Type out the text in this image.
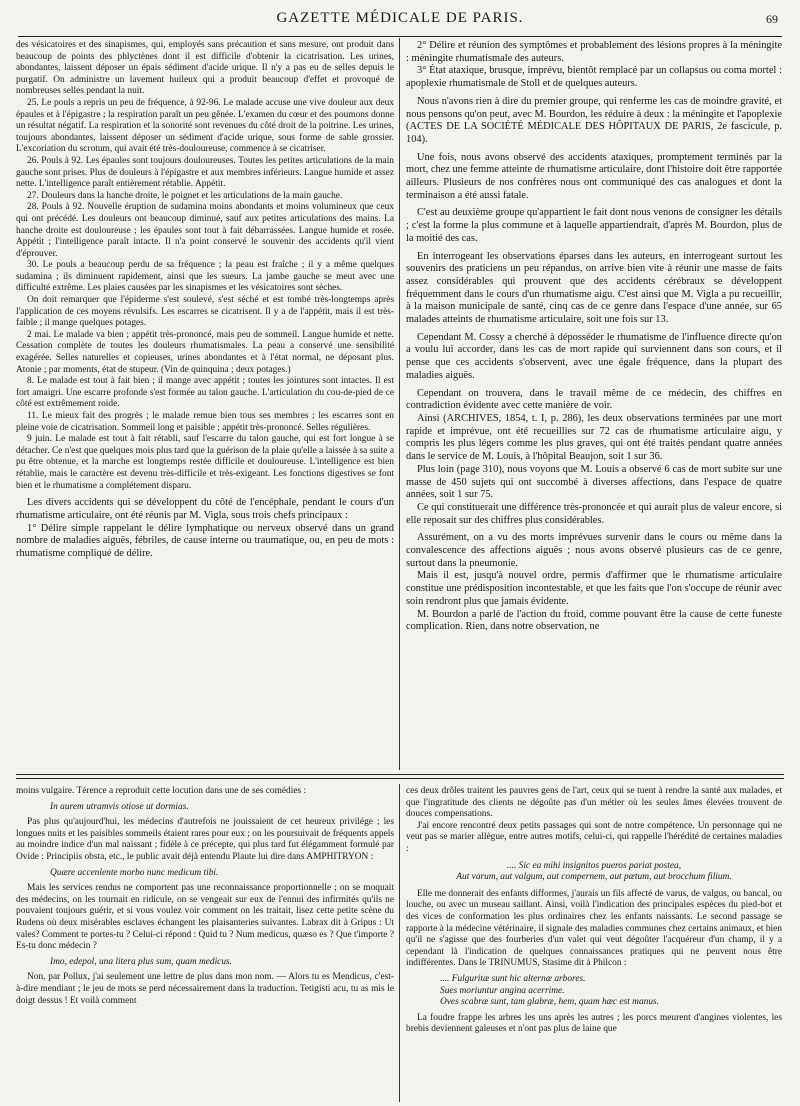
GAZETTE MÉDICALE DE PARIS.	69

des vésicatoires et des sinapismes, qui, employés sans précaution et sans mesure, ont produit dans beaucoup de points des phlyctènes dont il est difficile d'obtenir la cicatrisation. Les urines, abondantes, laissent déposer un épais sédiment d'acide urique. Il n'y a pas eu de selles depuis le purgatif. On administre un lavement huileux qui a produit beaucoup d'effet et provoqué de nombreuses selles pendant la nuit.

25. Le pouls a repris un peu de fréquence, à 92-96. Le malade accuse une vive douleur aux deux épaules et à l'épigastre ; la respiration paraît un peu gênée. L'examen du cœur et des poumons donne un résultat négatif. La respiration et la sonorité sont revenues du côté droit de la poitrine. Les urines, toujours abondantes, laissent déposer un sédiment d'acide urique, sous forme de sable grossier. L'excoriation du scrotum, qui avait été très-douloureuse, commence à se cicatriser.

26. Pouls à 92. Les épaules sont toujours douloureuses. Toutes les petites articulations de la main gauche sont prises. Plus de douleurs à l'épigastre et aux membres inférieurs. Langue humide et assez nette. L'intelligence paraît entièrement rétablie. Appétit.

27. Douleurs dans la hanche droite, le poignet et les articulations de la main gauche.

28. Pouls à 92. Nouvelle éruption de sudamina moins abondants et moins volumineux que ceux qui ont précédé. Les douleurs ont beaucoup diminué, sauf aux petites articulations des mains. La hanche droite est douloureuse ; les épaules sont tout à fait débarrassées. Langue humide et rosée. Appétit ; l'intelligence paraît intacte. Il n'a point conservé le souvenir des accidents qu'il vient d'éprouver.

30. Le pouls a beaucoup perdu de sa fréquence ; la peau est fraîche ; il y a même quelques sudamina ; ils diminuent rapidement, ainsi que les sueurs. La jambe gauche se meut avec une difficulté extrême. Les plaies causées par les sinapismes et les vésicatoires sont sèches.

On doit remarquer que l'épiderme s'est soulevé, s'est séché et est tombé très-longtemps après l'application de ces moyens révulsifs. Les escarres se cicatrisent. Il y a de l'appétit, mais il est très-faible ; il mange quelques potages.

2 mai. Le malade va bien ; appétit très-prononcé, mais peu de sommeil. Langue humide et nette. Cessation complète de toutes les douleurs rhumatismales. La peau a conservé une sensibilité exagérée. Selles naturelles et copieuses, urines abondantes et à l'état normal, ne déposant plus. Atonie ; par moments, état de stupeur. (Vin de quinquina ; deux potages.)

8. Le malade est tout à fait bien ; il mange avec appétit ; toutes les jointures sont intactes. Il est fort amaigri. Une escarre profonde s'est formée au talon gauche. L'articulation du cou-de-pied de ce côté est extrêmement roide.

11. Le mieux fait des progrès ; le malade remue bien tous ses membres ; les escarres sont en pleine voie de cicatrisation. Sommeil long et paisible ; appétit très-prononcé. Selles régulières.

9 juin. Le malade est tout à fait rétabli, sauf l'escarre du talon gauche, qui est fort longue à se détacher. Ce n'est que quelques mois plus tard que la guérison de la plaie qu'elle a laissée à sa suite a pu être obtenue, et la marche est longtemps restée difficile et douloureuse. L'intelligence est bien rétablie, mais le caractère est devenu très-difficile et très-exigeant. Les fonctions digestives se font bien et le rhumatisme a complétement disparu.

Les divers accidents qui se développent du côté de l'encéphale, pendant le cours d'un rhumatisme articulaire, ont été réunis par M. Vigla, sous trois chefs principaux :

1° Délire simple rappelant le délire lymphatique ou nerveux observé dans un grand nombre de maladies aiguës, fébriles, de cause interne ou traumatique, ou, en peu de mots : rhumatisme compliqué de délire.

2° Délire et réunion des symptômes et probablement des lésions propres à la méningite : méningite rhumatismale des auteurs.

3° État ataxique, brusque, imprévu, bientôt remplacé par un collapsus ou coma mortel : apoplexie rhumatismale de Stoll et de quelques auteurs.

Nous n'avons rien à dire du premier groupe, qui renferme les cas de moindre gravité, et nous pensons qu'on peut, avec M. Bourdon, les réduire à deux : la méningite et l'apoplexie (ACTES DE LA SOCIÉTÉ MÉDICALE DES HÔPITAUX DE PARIS, 2e fascicule, p. 104).

Une fois, nous avons observé des accidents ataxiques, promptement terminés par la mort, chez une femme atteinte de rhumatisme articulaire, dont l'histoire doit être rapportée ailleurs. Plusieurs de nos confrères nous ont communiqué des cas analogues et dont la terminaison a été aussi fatale.

C'est au deuxième groupe qu'appartient le fait dont nous venons de consigner les détails ; c'est la forme la plus commune et à laquelle appartiendrait, d'après M. Bourdon, plus de la moitié des cas.

En interrogeant les observations éparses dans les auteurs, en interrogeant surtout les souvenirs des praticiens un peu répandus, on arrive bien vite à réunir une masse de faits assez considérables qui prouvent que des accidents cérébraux se développent fréquemment dans le cours d'un rhumatisme aigu. C'est ainsi que M. Vigla a pu recueillir, à la maison municipale de santé, cinq cas de ce genre dans l'espace d'une année, sur 65 malades atteints de rhumatisme articulaire, soit une fois sur 13.

Cependant M. Cossy a cherché à déposséder le rhumatisme de l'influence directe qu'on a voulu lui accorder, dans les cas de mort rapide qui surviennent dans son cours, et il pense que ces accidents s'observent, avec une égale fréquence, dans la plupart des maladies aiguës.

Cependant on trouvera, dans le travail même de ce médecin, des chiffres en contradiction évidente avec cette manière de voir.

Ainsi (ARCHIVES, 1854, t. I, p. 286), les deux observations terminées par une mort rapide et imprévue, ont été recueillies sur 72 cas de rhumatisme articulaire aigu, y compris les plus légers comme les plus graves, qui ont été traités pendant quatre années dans le service de M. Louis, à l'hôpital Beaujon, soit 1 sur 36.

Plus loin (page 310), nous voyons que M. Louis a observé 6 cas de mort subite sur une masse de 450 sujets qui ont succombé à diverses affections, dans l'espace de quatre années, soit 1 sur 75.

Ce qui constituerait une différence très-prononcée et qui aurait plus de valeur encore, si elle reposait sur des chiffres plus considérables.

Assurément, on a vu des morts imprévues survenir dans le cours ou même dans la convalescence des affections aiguës ; nous avons observé plusieurs cas de ce genre, surtout dans la pneumonie.

Mais il est, jusqu'à nouvel ordre, permis d'affirmer que le rhumatisme articulaire constitue une prédisposition incontestable, et que les faits que l'on s'occupe de réunir avec soin rendront plus que jamais évidente.

M. Bourdon a parlé de l'action du froid, comme pouvant être la cause de cette funeste complication. Rien, dans notre observation, ne

moins vulgaire. Térence a reproduit cette locution dans une de ses comédies :

In aurem utramvis otiose ut dormias.

Pas plus qu'aujourd'hui, les médecins d'autrefois ne jouissaient de cet heureux privilége ; les longues nuits et les paisibles sommeils étaient rares pour eux ; on les poursuivait de fréquents appels au moindre indice d'un mal naissant ; fidèle à ce précepte, qui plus tard fut élégamment formulé par Ovide : Principiis obsta, etc., le public avait déjà entendu Plaute lui dire dans AMPHITRYON :

Quære accenlente morbo nunc medicum tibi.

Mais les services rendus ne comportent pas une reconnaissance proportionnelle ; on se moquait des médecins, on les tournait en ridicule, on se vengeait sur eux de l'ennui des infirmités qu'ils ne pouvaient toujours guérir, et si vous voulez voir comment on les traitait, lisez cette petite scène du Rudens où deux misérables esclaves échangent les plaisanteries suivantes. Labrax dit à Gripus : Ut vales? Comment te portes-tu ? Celui-ci répond : Quid tu ? Num medicus, quæso es ? Que t'importe ? Es-tu donc médecin ?

Imo, edepol, una litera plus sum, quam medicus.

Non, par Pollux, j'ai seulement une lettre de plus dans mon nom. — Alors tu es Mendicus, c'est-à-dire mendiant ; le jeu de mots se perd nécessairement dans la traduction. Tetigisti acu, tu as mis le doigt dessus ! Et voilà comment

ces deux drôles traitent les pauvres gens de l'art, ceux qui se tuent à rendre la santé aux malades, et que l'ingratitude des clients ne dégoûte pas d'un métier où les seules âmes élevées trouvent de douces compensations.

J'ai encore rencontré deux petits passages qui sont de notre compétence. Un personnage qui ne veut pas se marier allègue, entre autres motifs, celui-ci, qui rappelle l'hérédité de certaines maladies :

.... Sic ea mihi insignitos pueros pariat postea,

Aut varum, aut valgum, aut compernem, aut pætum, aut brocchum filium.

Elle me donnerait des enfants difformes, j'aurais un fils affecté de varus, de valgus, ou bancal, ou louche, ou avec un museau saillant. Ainsi, voilà l'indication des principales espèces du pied-bot et des vices de conformation les plus ordinaires chez les enfants naissants. Le second passage se rapporte à la médecine vétérinaire, il signale des maladies communes chez certains animaux, et bien qu'il ne s'agisse que des fourberies d'un valet qui veut dégoûter l'acquéreur d'un champ, il y a cependant là l'indication de quelques connaissances pratiques qui ne peuvent nous être indifférentes. Dans le TRINUMUS, Stasime dit à Philcon :

.... Fulguritæ sunt hic alternæ arbores.

Sues moriuntur angina acerrime.

Oves scabræ sunt, tam glabræ, hem, quam hæc est manus.

La foudre frappe les arbres les uns après les autres ; les porcs meurent d'angines violentes, les brebis deviennent galeuses et n'ont pas plus de laine que
